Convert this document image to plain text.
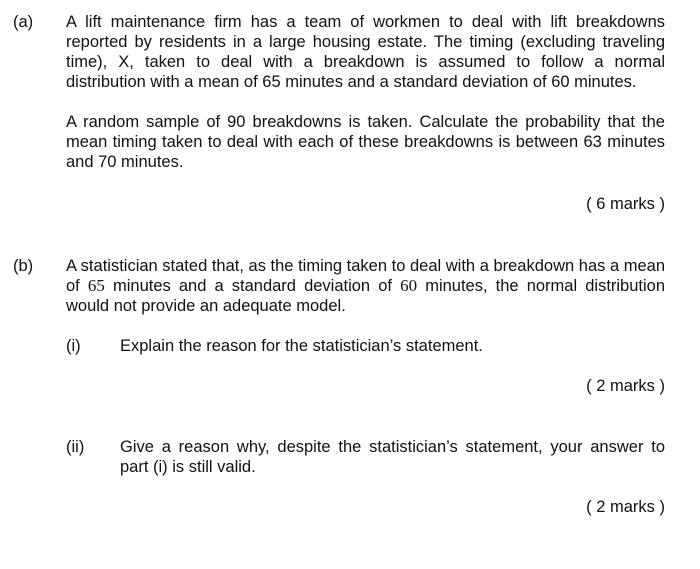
(a) A lift maintenance firm has a team of workmen to deal with lift breakdowns reported by residents in a large housing estate. The timing (excluding traveling time), X, taken to deal with a breakdown is assumed to follow a normal distribution with a mean of 65 minutes and a standard deviation of 60 minutes.
A random sample of 90 breakdowns is taken. Calculate the probability that the mean timing taken to deal with each of these breakdowns is between 63 minutes and 70 minutes.
( 6 marks )
(b) A statistician stated that, as the timing taken to deal with a breakdown has a mean of 65 minutes and a standard deviation of 60 minutes, the normal distribution would not provide an adequate model.
(i) Explain the reason for the statistician’s statement.
( 2 marks )
(ii) Give a reason why, despite the statistician’s statement, your answer to part (i) is still valid.
( 2 marks )
